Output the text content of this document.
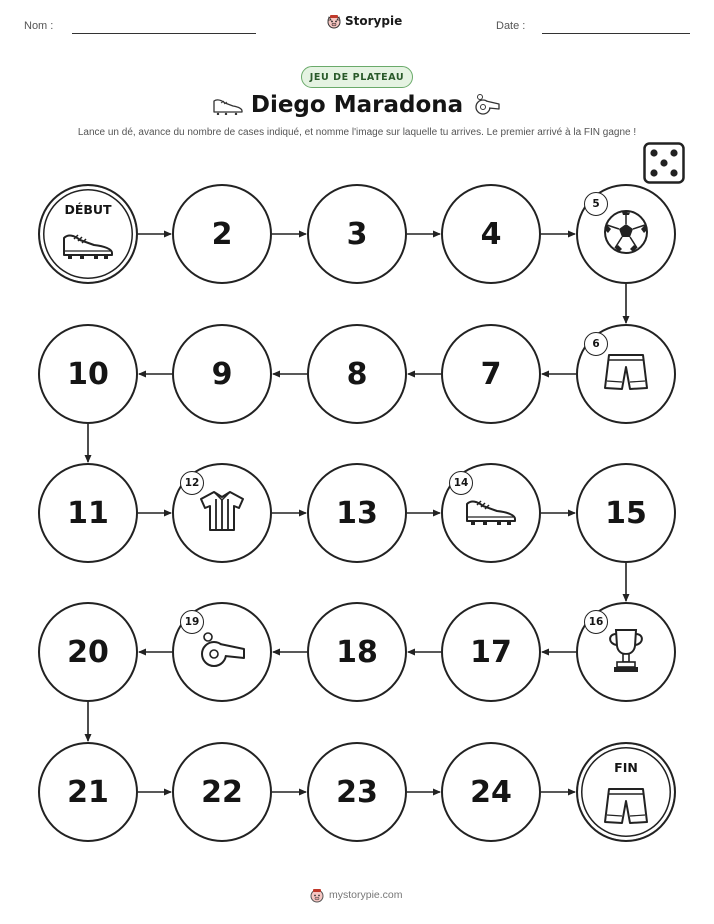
Nom :	Storypie	Date :
JEU DE PLATEAU
Diego Maradona
Lance un dé, avance du nombre de cases indiqué, et nomme l'image sur laquelle tu arrives. Le premier arrivé à la FIN gagne !
DÉBUT
2	3	4
5
6
7
8
9
10
11
12
13
14
15
16
17
18
19
20
21	22	23	24
FIN
mystorypie.com
